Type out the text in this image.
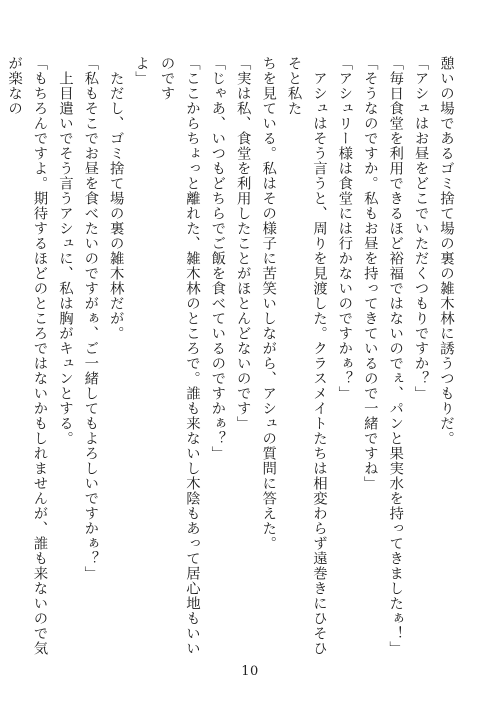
憩いの場であるゴミ捨て場の裏の雑木林に誘うつもりだ。

「アシュはお昼をどこでいただくつもりですか？」

「毎日食堂を利用できるほど裕福ではないのでぇ、パンと果実水を持ってきましたぁ！」

「そうなのですか。私もお昼を持ってきているので一緒ですね」

「アシュリー様は食堂には行かないのですかぁ？」

　アシュはそう言うと、周りを見渡した。クラスメイトたちは相変わらず遠巻きにひそひそと私た

ちを見ている。私はその様子に苦笑いしながら、アシュの質問に答えた。

「実は私、食堂を利用したことがほとんどないのです」

「じゃあ、いつもどちらでご飯を食べているのですかぁ？」

「ここからちょっと離れた、雑木林のところで。誰も来ないし木陰もあって居心地もいいのです

よ」

　ただし、ゴミ捨て場の裏の雑木林だが。

「私もそこでお昼を食べたいのですがぁ、ご一緒してもよろしいですかぁ？」

　上目遣いでそう言うアシュに、私は胸がキュンとする。

「もちろんですよ。期待するほどのところではないかもしれませんが、誰も来ないので気が楽なの

10
